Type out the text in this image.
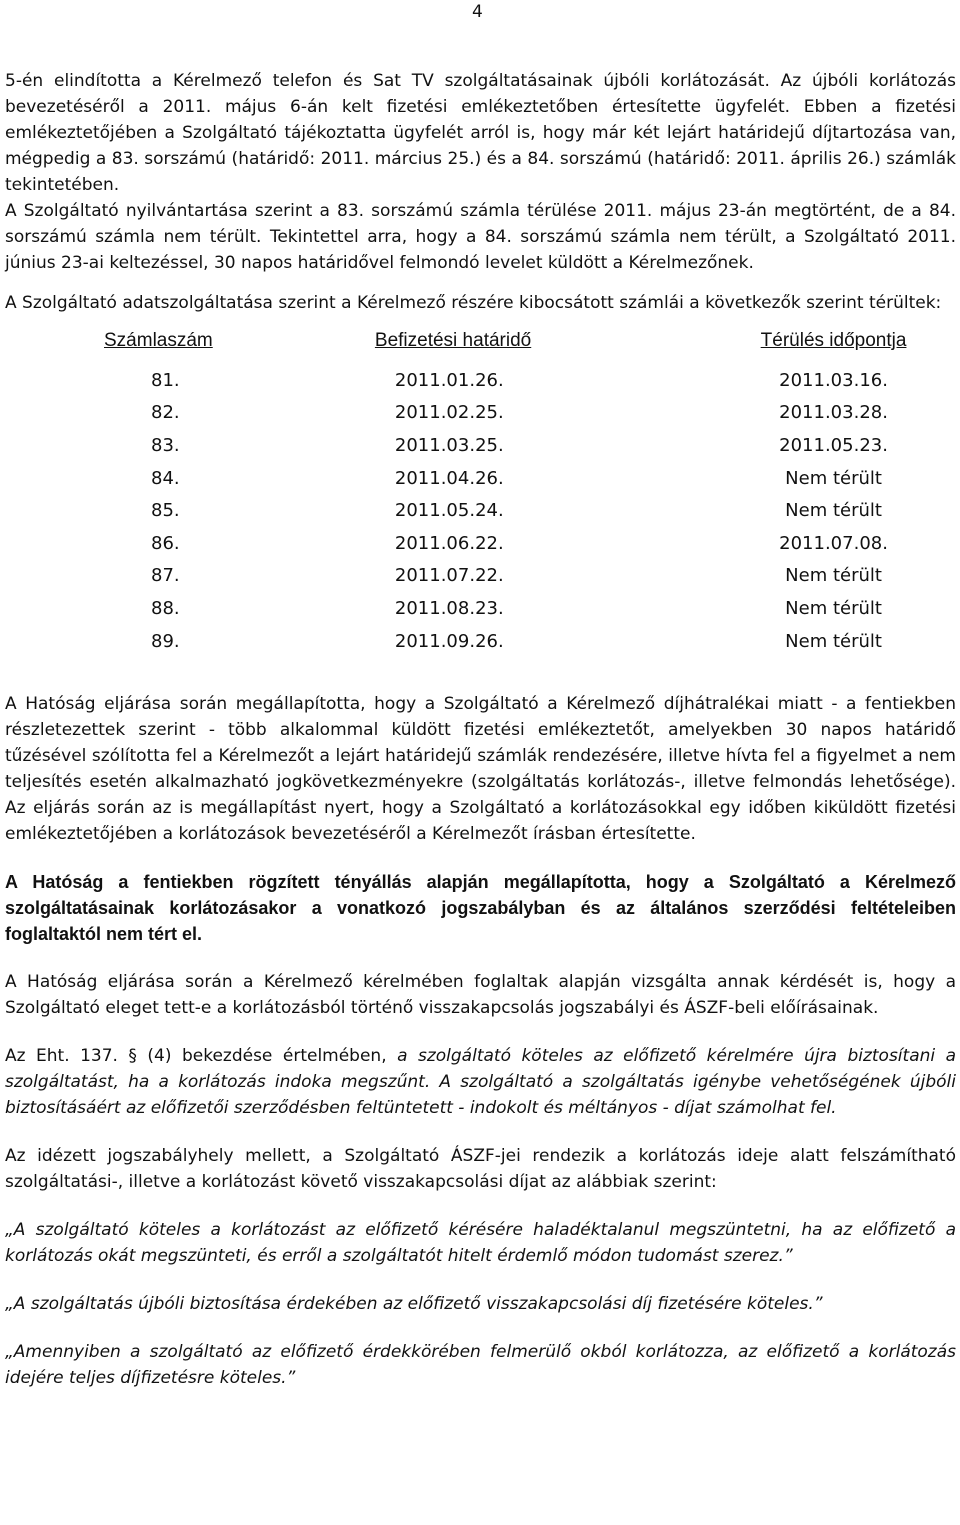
4

5-én elindította a Kérelmező telefon és Sat TV szolgáltatásainak újbóli korlátozását. Az újbóli korlátozás bevezetéséről a 2011. május 6-án kelt fizetési emlékeztetőben értesítette ügyfelét. Ebben a fizetési emlékeztetőjében a Szolgáltató tájékoztatta ügyfelét arról is, hogy már két lejárt határidejű díjtartozása van, mégpedig a 83. sorszámú (határidő: 2011. március 25.) és a 84. sorszámú (határidő: 2011. április 26.) számlák tekintetében.

A Szolgáltató nyilvántartása szerint a 83. sorszámú számla térülése 2011. május 23-án megtörtént, de a 84. sorszámú számla nem térült. Tekintettel arra, hogy a 84. sorszámú számla nem térült, a Szolgáltató 2011. június 23-ai keltezéssel, 30 napos határidővel felmondó levelet küldött a Kérelmezőnek.

A Szolgáltató adatszolgáltatása szerint a Kérelmező részére kibocsátott számlái a következők szerint térültek:

Számlaszám	Befizetési határidő	Térülés időpontja
81.	2011.01.26.	2011.03.16.
82.	2011.02.25.	2011.03.28.
83.	2011.03.25.	2011.05.23.
84.	2011.04.26.	Nem térült
85.	2011.05.24.	Nem térült
86.	2011.06.22.	2011.07.08.
87.	2011.07.22.	Nem térült
88.	2011.08.23.	Nem térült
89.	2011.09.26.	Nem térült

A Hatóság eljárása során megállapította, hogy a Szolgáltató a Kérelmező díjhátralékai miatt - a fentiekben részletezettek szerint - több alkalommal küldött fizetési emlékeztetőt, amelyekben 30 napos határidő tűzésével szólította fel a Kérelmezőt a lejárt határidejű számlák rendezésére, illetve hívta fel a figyelmet a nem teljesítés esetén alkalmazható jogkövetkezményekre (szolgáltatás korlátozás-, illetve felmondás lehetősége). Az eljárás során az is megállapítást nyert, hogy a Szolgáltató a korlátozásokkal egy időben kiküldött fizetési emlékeztetőjében a korlátozások bevezetéséről a Kérelmezőt írásban értesítette.

A Hatóság a fentiekben rögzített tényállás alapján megállapította, hogy a Szolgáltató a Kérelmező szolgáltatásainak korlátozásakor a vonatkozó jogszabályban és az általános szerződési feltételeiben foglaltaktól nem tért el.

A Hatóság eljárása során a Kérelmező kérelmében foglaltak alapján vizsgálta annak kérdését is, hogy a Szolgáltató eleget tett-e a korlátozásból történő visszakapcsolás jogszabályi és ÁSZF-beli előírásainak.

Az Eht. 137. § (4) bekezdése értelmében, a szolgáltató köteles az előfizető kérelmére újra biztosítani a szolgáltatást, ha a korlátozás indoka megszűnt. A szolgáltató a szolgáltatás igénybe vehetőségének újbóli biztosításáért az előfizetői szerződésben feltüntetett - indokolt és méltányos - díjat számolhat fel.

Az idézett jogszabályhely mellett, a Szolgáltató ÁSZF-jei rendezik a korlátozás ideje alatt felszámítható szolgáltatási-, illetve a korlátozást követő visszakapcsolási díjat az alábbiak szerint:

„A szolgáltató köteles a korlátozást az előfizető kérésére haladéktalanul megszüntetni, ha az előfizető a korlátozás okát megszünteti, és erről a szolgáltatót hitelt érdemlő módon tudomást szerez.”

„A szolgáltatás újbóli biztosítása érdekében az előfizető visszakapcsolási díj fizetésére köteles.”

„Amennyiben a szolgáltató az előfizető érdekkörében felmerülő okból korlátozza, az előfizető a korlátozás idejére teljes díjfizetésre köteles.”
